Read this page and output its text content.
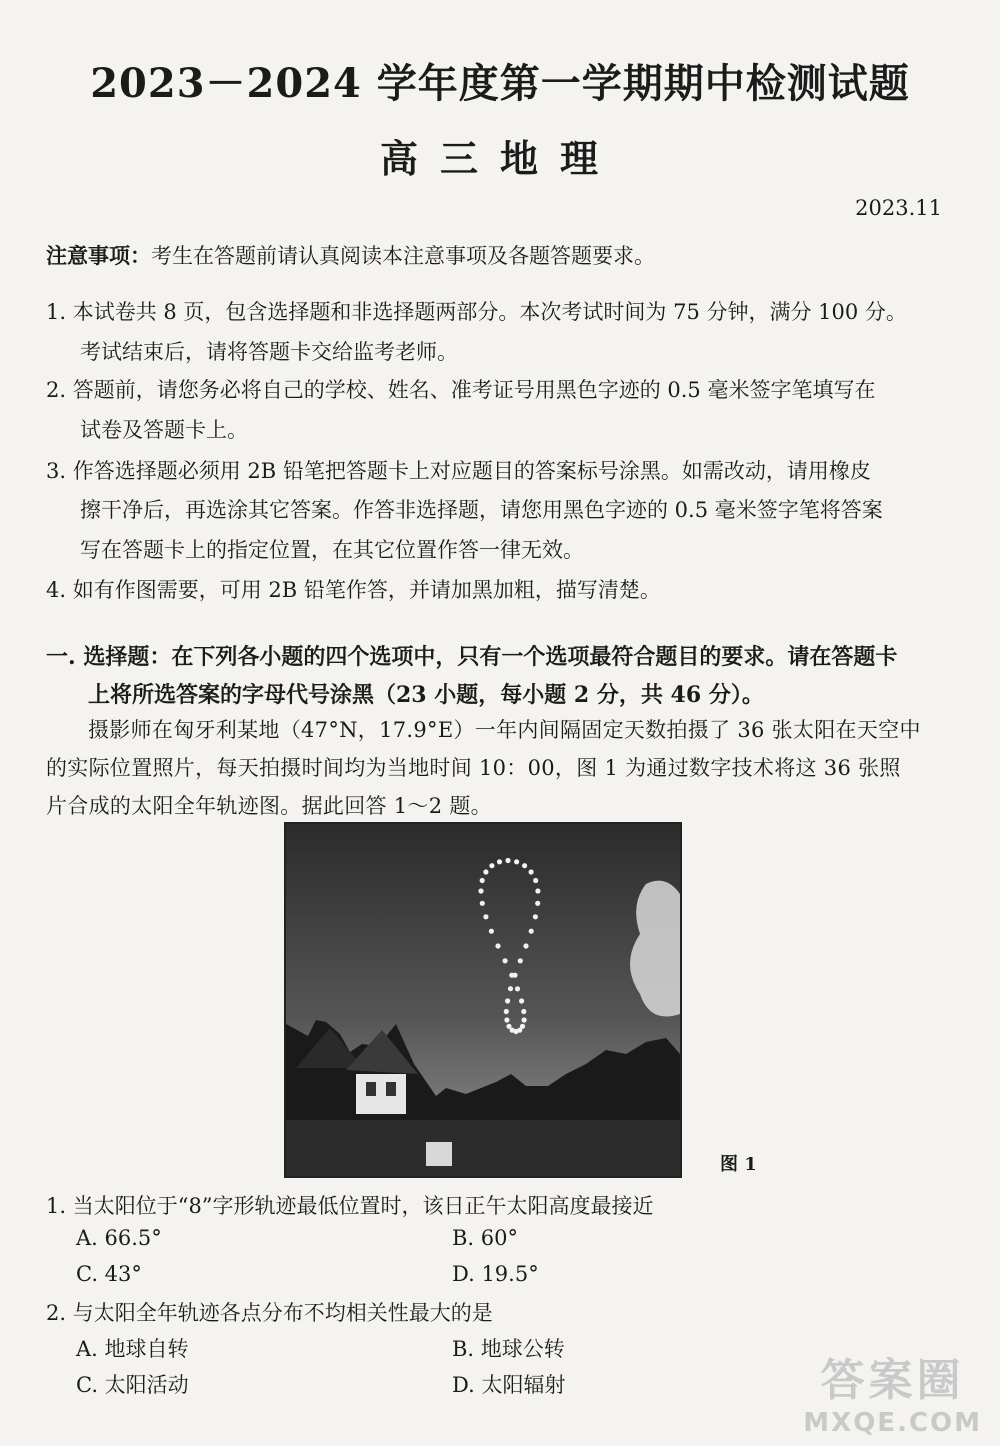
2023－2024 学年度第一学期期中检测试题
高三地理
2023.11
注意事项：考生在答题前请认真阅读本注意事项及各题答题要求。
1. 本试卷共 8 页，包含选择题和非选择题两部分。本次考试时间为 75 分钟，满分 100 分。
考试结束后，请将答题卡交给监考老师。
2. 答题前，请您务必将自己的学校、姓名、准考证号用黑色字迹的 0.5 毫米签字笔填写在
试卷及答题卡上。
3. 作答选择题必须用 2B 铅笔把答题卡上对应题目的答案标号涂黑。如需改动，请用橡皮
擦干净后，再选涂其它答案。作答非选择题，请您用黑色字迹的 0.5 毫米签字笔将答案
写在答题卡上的指定位置，在其它位置作答一律无效。
4. 如有作图需要，可用 2B 铅笔作答，并请加黑加粗，描写清楚。
一. 选择题：在下列各小题的四个选项中，只有一个选项最符合题目的要求。请在答题卡
上将所选答案的字母代号涂黑（23 小题，每小题 2 分，共 46 分）。
摄影师在匈牙利某地（47°N，17.9°E）一年内间隔固定天数拍摄了 36 张太阳在天空中
的实际位置照片，每天拍摄时间均为当地时间 10：00，图 1 为通过数字技术将这 36 张照
片合成的太阳全年轨迹图。据此回答 1～2 题。
图 1
1. 当太阳位于“8”字形轨迹最低位置时，该日正午太阳高度最接近
A. 66.5°	B. 60°
C. 43°	D. 19.5°
2. 与太阳全年轨迹各点分布不均相关性最大的是
A. 地球自转	B. 地球公转
C. 太阳活动	D. 太阳辐射	答案圈
MXQE.COM
